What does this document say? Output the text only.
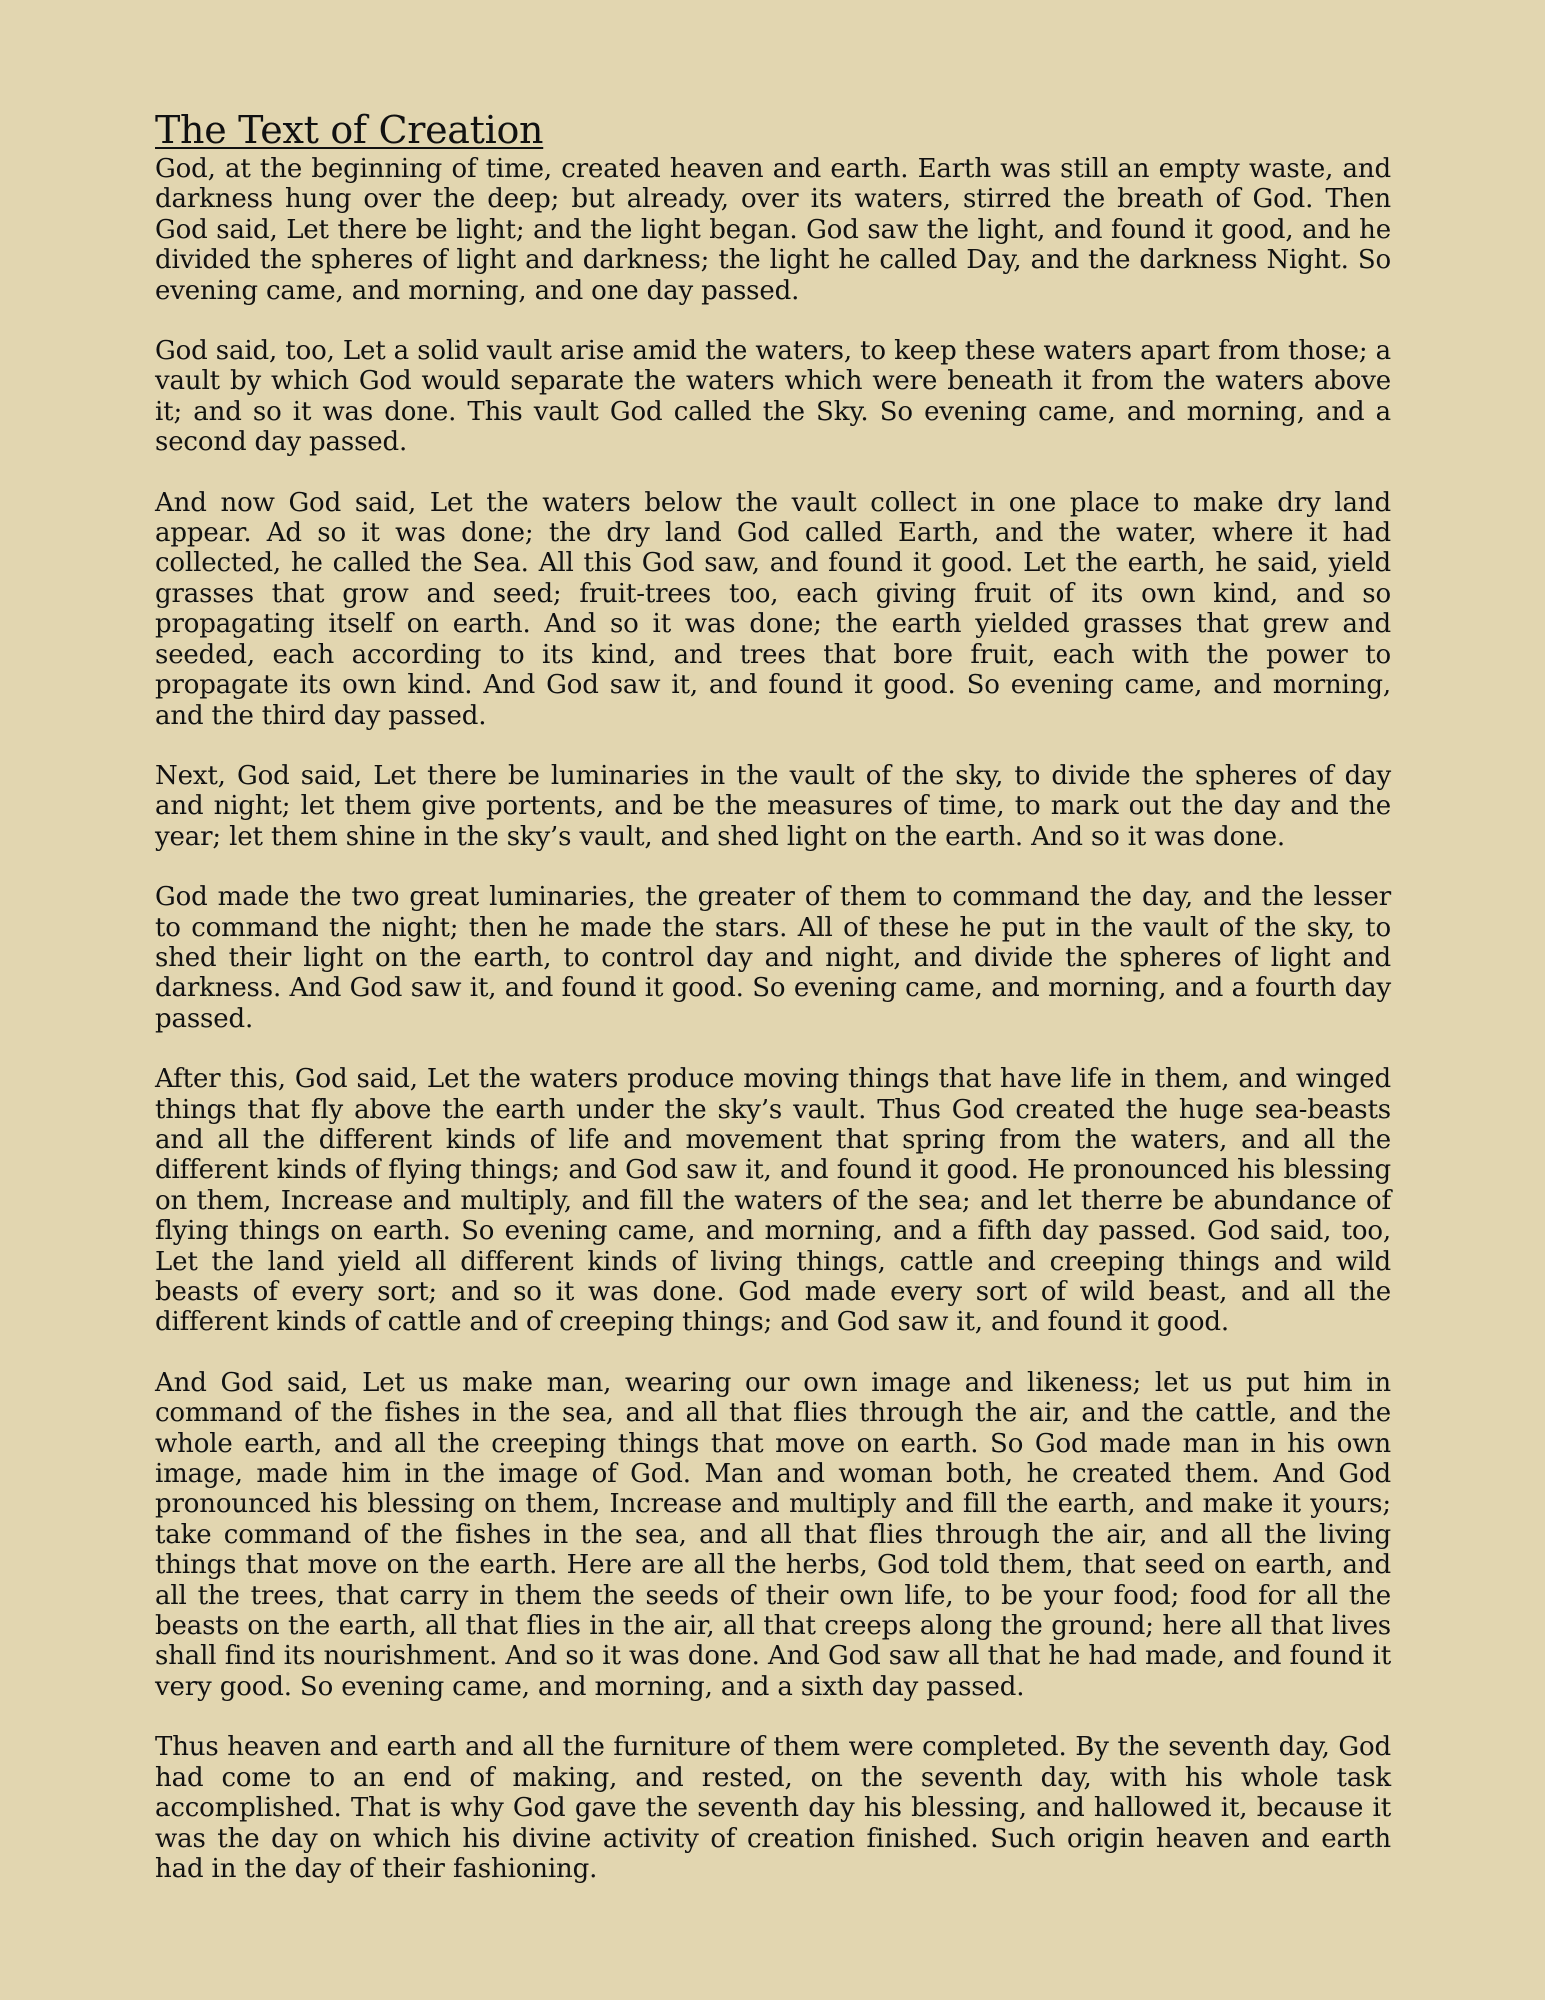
The Text of Creation

God, at the beginning of time, created heaven and earth. Earth was still an empty waste, and darkness hung over the deep; but already, over its waters, stirred the breath of God. Then God said, Let there be light; and the light began. God saw the light, and found it good, and he divided the spheres of light and darkness; the light he called Day, and the darkness Night. So evening came, and morning, and one day passed.

God said, too, Let a solid vault arise amid the waters, to keep these waters apart from those; a vault by which God would separate the waters which were beneath it from the waters above it; and so it was done. This vault God called the Sky. So evening came, and morning, and a second day passed.

And now God said, Let the waters below the vault collect in one place to make dry land appear. Ad so it was done; the dry land God called Earth, and the water, where it had collected, he called the Sea. All this God saw, and found it good. Let the earth, he said, yield grasses that grow and seed; fruit-trees too, each giving fruit of its own kind, and so propagating itself on earth. And so it was done; the earth yielded grasses that grew and seeded, each according to its kind, and trees that bore fruit, each with the power to propagate its own kind. And God saw it, and found it good. So evening came, and morning, and the third day passed.

Next, God said, Let there be luminaries in the vault of the sky, to divide the spheres of day and night; let them give portents, and be the measures of time, to mark out the day and the year; let them shine in the sky’s vault, and shed light on the earth. And so it was done.

God made the two great luminaries, the greater of them to command the day, and the lesser to command the night; then he made the stars. All of these he put in the vault of the sky, to shed their light on the earth, to control day and night, and divide the spheres of light and darkness. And God saw it, and found it good. So evening came, and morning, and a fourth day passed.

After this, God said, Let the waters produce moving things that have life in them, and winged things that fly above the earth under the sky’s vault. Thus God created the huge sea-beasts and all the different kinds of life and movement that spring from the waters, and all the different kinds of flying things; and God saw it, and found it good. He pronounced his blessing on them, Increase and multiply, and fill the waters of the sea; and let therre be abundance of flying things on earth. So evening came, and morning, and a fifth day passed. God said, too, Let the land yield all different kinds of living things, cattle and creeping things and wild beasts of every sort; and so it was done. God made every sort of wild beast, and all the different kinds of cattle and of creeping things; and God saw it, and found it good.

And God said, Let us make man, wearing our own image and likeness; let us put him in command of the fishes in the sea, and all that flies through the air, and the cattle, and the whole earth, and all the creeping things that move on earth. So God made man in his own image, made him in the image of God. Man and woman both, he created them. And God pronounced his blessing on them, Increase and multiply and fill the earth, and make it yours; take command of the fishes in the sea, and all that flies through the air, and all the living things that move on the earth. Here are all the herbs, God told them, that seed on earth, and all the trees, that carry in them the seeds of their own life, to be your food; food for all the beasts on the earth, all that flies in the air, all that creeps along the ground; here all that lives shall find its nourishment. And so it was done. And God saw all that he had made, and found it very good. So evening came, and morning, and a sixth day passed.

Thus heaven and earth and all the furniture of them were completed. By the seventh day, God had come to an end of making, and rested, on the seventh day, with his whole task accomplished. That is why God gave the seventh day his blessing, and hallowed it, because it was the day on which his divine activity of creation finished. Such origin heaven and earth had in the day of their fashioning.
